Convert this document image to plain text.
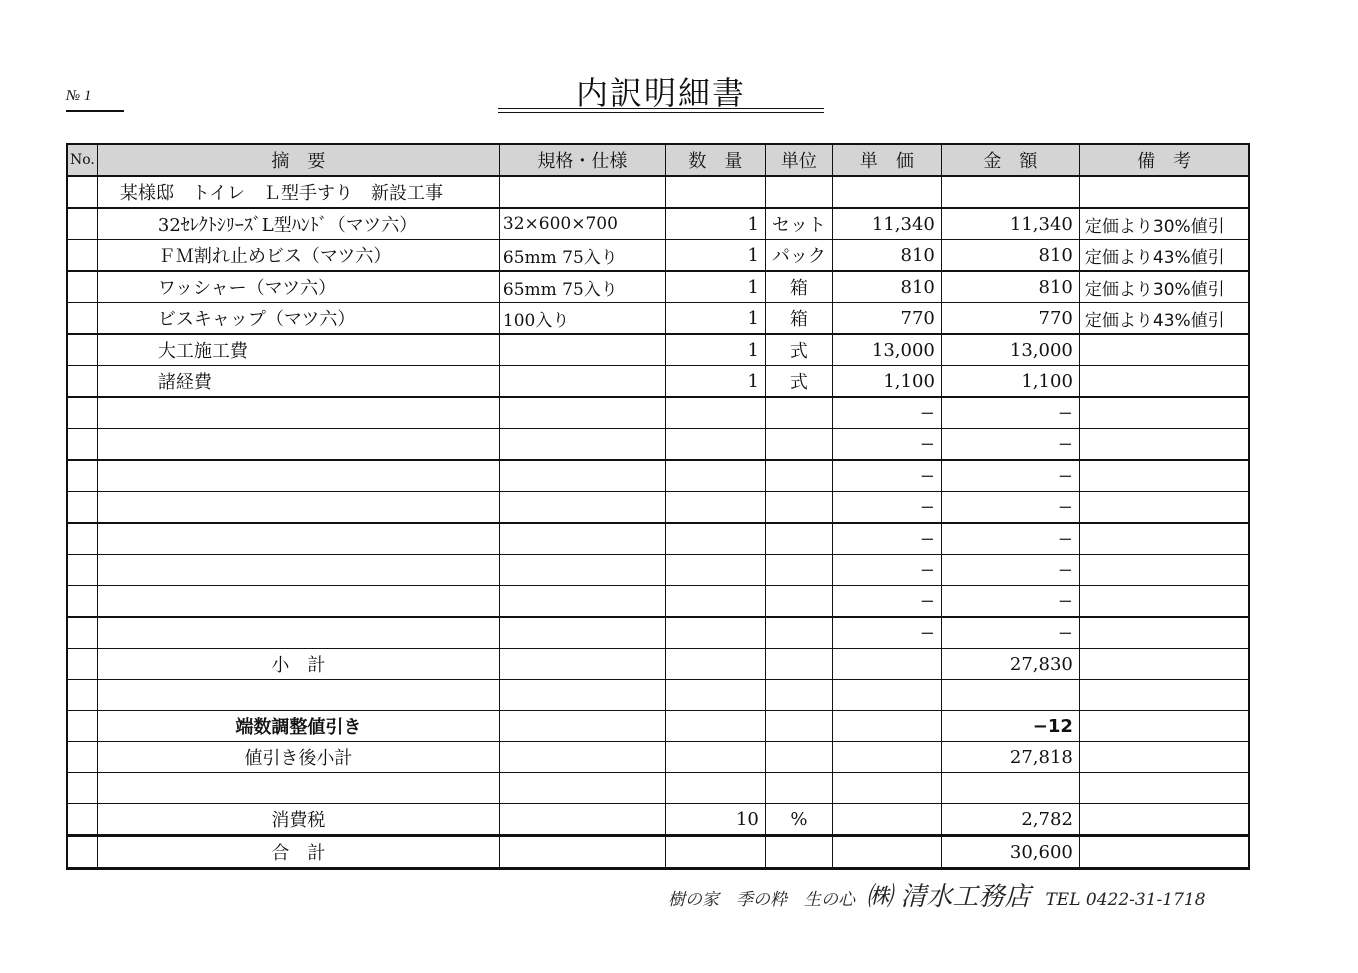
№ 1	内訳明細書
No.	摘　要	規格・仕様	数　量	単位	単　価	金　額	備　考
	某様邸　トイレ　Ｌ型手すり　新設工事						
	32ｾﾚｸﾄｼﾘｰｽﾞL型ﾊﾝﾄﾞ（マツ六）	32×600×700	1	セット	11,340	11,340	定価より30%値引
	ＦＭ割れ止めビス（マツ六）	65mm 75入り	1	パック	810	810	定価より43%値引
	ワッシャー（マツ六）	65mm 75入り	1	箱	810	810	定価より30%値引
	ビスキャップ（マツ六）	100入り	1	箱	770	770	定価より43%値引
	大工施工費		1	式	13,000	13,000	
	諸経費		1	式	1,100	1,100	
					−	−	
					−	−	
					−	−	
					−	−	
					−	−	
					−	−	
					−	−	
					−	−	
	小　計					27,830	

	端数調整値引き					−12	
	値引き後小計					27,818	

	消費税		10	%		2,782	
	合　計					30,600	
樹の家　季の粋　生の心 ㈱ 清水工務店 TEL 0422-31-1718
